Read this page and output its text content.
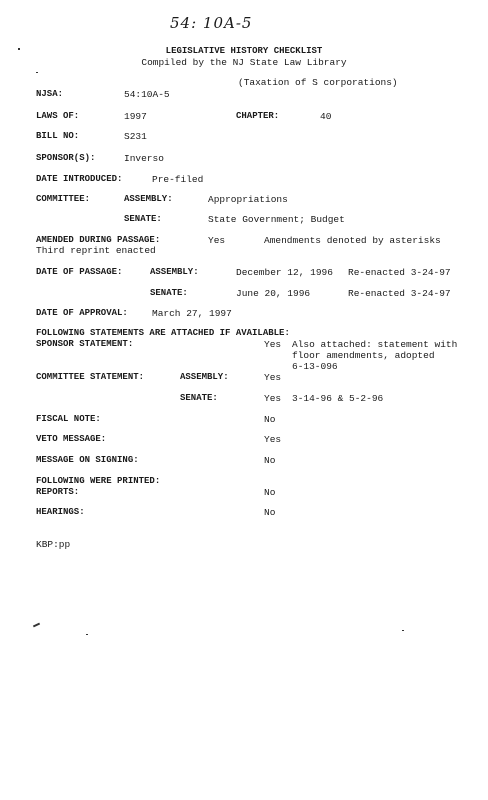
54: 10A-5
LEGISLATIVE HISTORY CHECKLIST
Compiled by the NJ State Law Library
(Taxation of S corporations)
NJSA:	54:10A-5
LAWS OF:	1997	CHAPTER:	40
BILL NO:	S231
SPONSOR(S):	Inverso
DATE INTRODUCED:	Pre-filed
COMMITTEE:	ASSEMBLY:	Appropriations
SENATE:	State Government; Budget
AMENDED DURING PASSAGE:	Yes	Amendments denoted by asterisks
Third reprint enacted
DATE OF PASSAGE:	ASSEMBLY:	December 12, 1996 Re-enacted 3-24-97
SENATE:	June 20, 1996	Re-enacted 3-24-97
DATE OF APPROVAL:	March 27, 1997
FOLLOWING STATEMENTS ARE ATTACHED IF AVAILABLE:
SPONSOR STATEMENT:	Yes Also attached: statement with
floor amendments, adopted
6-13-096
COMMITTEE STATEMENT:	ASSEMBLY:	Yes
SENATE:	Yes 3-14-96 & 5-2-96
FISCAL NOTE:	No
VETO MESSAGE:	Yes
MESSAGE ON SIGNING:	No
FOLLOWING WERE PRINTED:
REPORTS:	No
HEARINGS:	No
KBP:pp
